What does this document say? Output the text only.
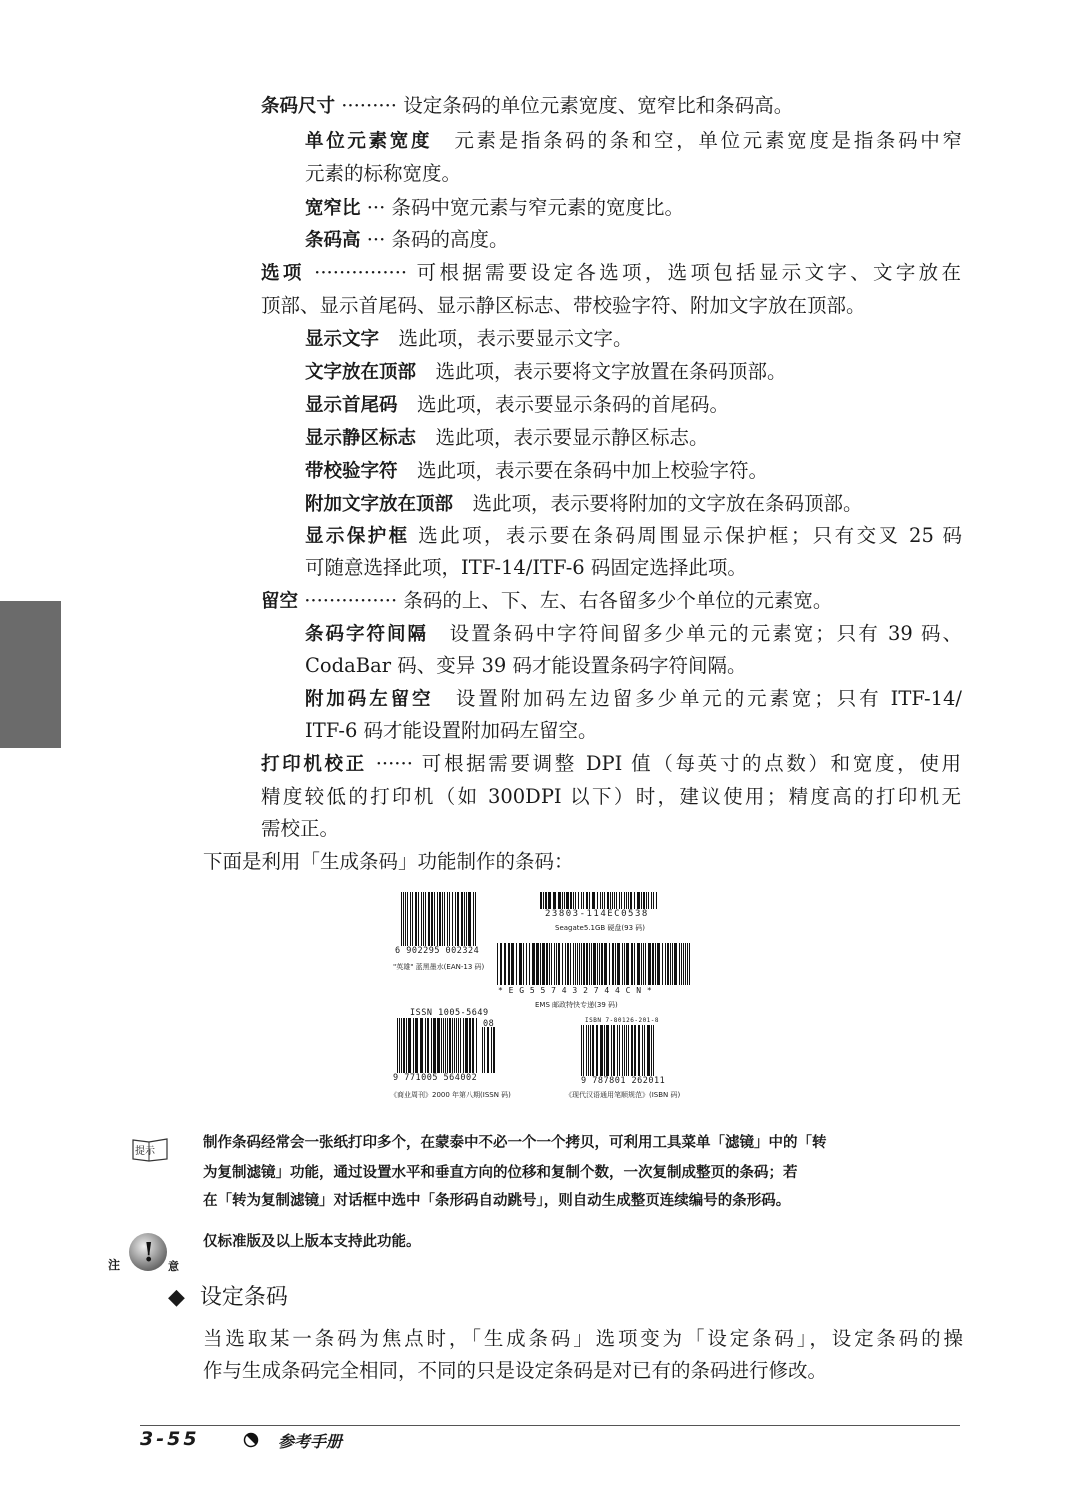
条码尺寸 ········· 设定条码的单位元素宽度、宽窄比和条码高。
单位元素宽度　元素是指条码的条和空，单位元素宽度是指条码中窄
元素的标称宽度。
宽窄比 ··· 条码中宽元素与窄元素的宽度比。
条码高 ··· 条码的高度。
选项 ··············· 可根据需要设定各选项，选项包括显示文字、文字放在
顶部、显示首尾码、显示静区标志、带校验字符、附加文字放在顶部。
显示文字　选此项，表示要显示文字。
文字放在顶部　选此项，表示要将文字放置在条码顶部。
显示首尾码　选此项，表示要显示条码的首尾码。
显示静区标志　选此项，表示要显示静区标志。
带校验字符　选此项，表示要在条码中加上校验字符。
附加文字放在顶部　选此项，表示要将附加的文字放在条码顶部。
显示保护框 选此项，表示要在条码周围显示保护框；只有交叉 25 码
可随意选择此项，ITF-14/ITF-6 码固定选择此项。
留空 ··············· 条码的上、下、左、右各留多少个单位的元素宽。
条码字符间隔　设置条码中字符间留多少单元的元素宽；只有 39 码、
CodaBar 码、变异 39 码才能设置条码字符间隔。
附加码左留空　设置附加码左边留多少单元的元素宽；只有 ITF-14/
ITF-6 码才能设置附加码左留空。
打印机校正 ······ 可根据需要调整 DPI 值（每英寸的点数）和宽度，使用
精度较低的打印机（如 300DPI 以下）时，建议使用；精度高的打印机无
需校正。
下面是利用「生成条码」功能制作的条码：
6 902295 002324
"英雄" 蓝黑墨水(EAN-13 码)
23803-114EC0538
Seagate5.1GB 硬盘(93 码)
* E G 5 5 7 4 3 2 7 4 4 C N *
EMS 邮政特快专递(39 码)
ISSN 1005-5649
08
9 771005 564002
《商业周刊》2000 年第八期(ISSN 码)
ISBN 7-80126-201-8
9 787801 262011
《现代汉语通用笔顺规范》(ISBN 码)
提示
制作条码经常会一张纸打印多个，在蒙泰中不必一个一个拷贝，可利用工具菜单「滤镜」中的「转
为复制滤镜」功能，通过设置水平和垂直方向的位移和复制个数，一次复制成整页的条码；若
在「转为复制滤镜」对话框中选中「条形码自动跳号」，则自动生成整页连续编号的条形码。
!
注	意
仅标准版及以上版本支持此功能。
◆ 设定条码
当选取某一条码为焦点时，「生成条码」选项变为「设定条码」，设定条码的操
作与生成条码完全相同，不同的只是设定条码是对已有的条码进行修改。
3-55	参考手册
